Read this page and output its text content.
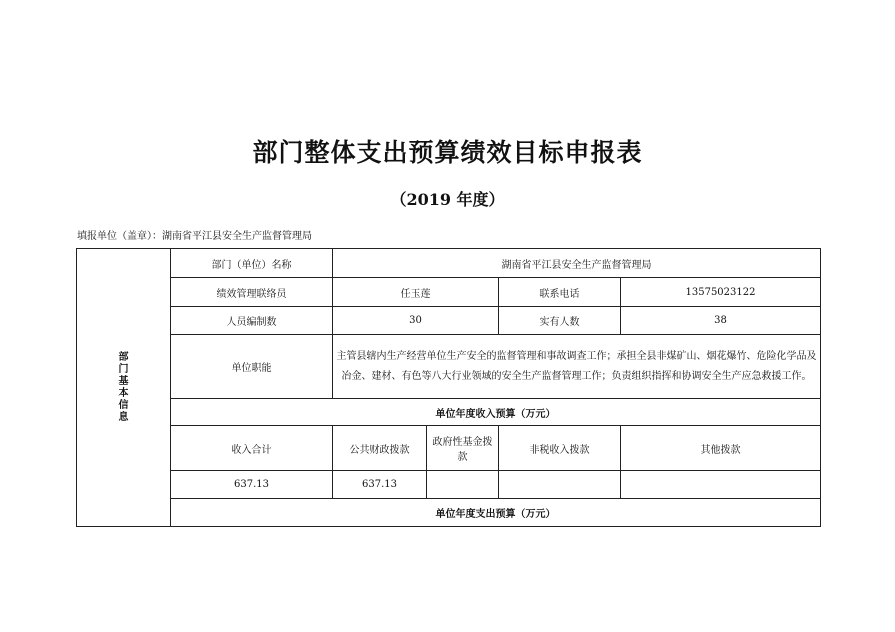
部门整体支出预算绩效目标申报表
（2019 年度）
填报单位（盖章）：湖南省平江县安全生产监督管理局
部门基本信息	部门（单位）名称	湖南省平江县安全生产监督管理局			
	绩效管理联络员	任玉莲		联系电话	13575023122
	人员编制数	30		实有人数	38
	单位职能	主管县辖内生产经营单位生产安全的监督管理和事故调查工作；承担全县非煤矿山、烟花爆竹、危险化学品及冶金、建材、有色等八大行业领域的安全生产监督管理工作；负责组织指挥和协调安全生产应急救援工作。			
	单位年度收入预算（万元）				
	收入合计	公共财政拨款	政府性基金拨款	非税收入拨款	其他拨款
	637.13	637.13			
	单位年度支出预算（万元）				
